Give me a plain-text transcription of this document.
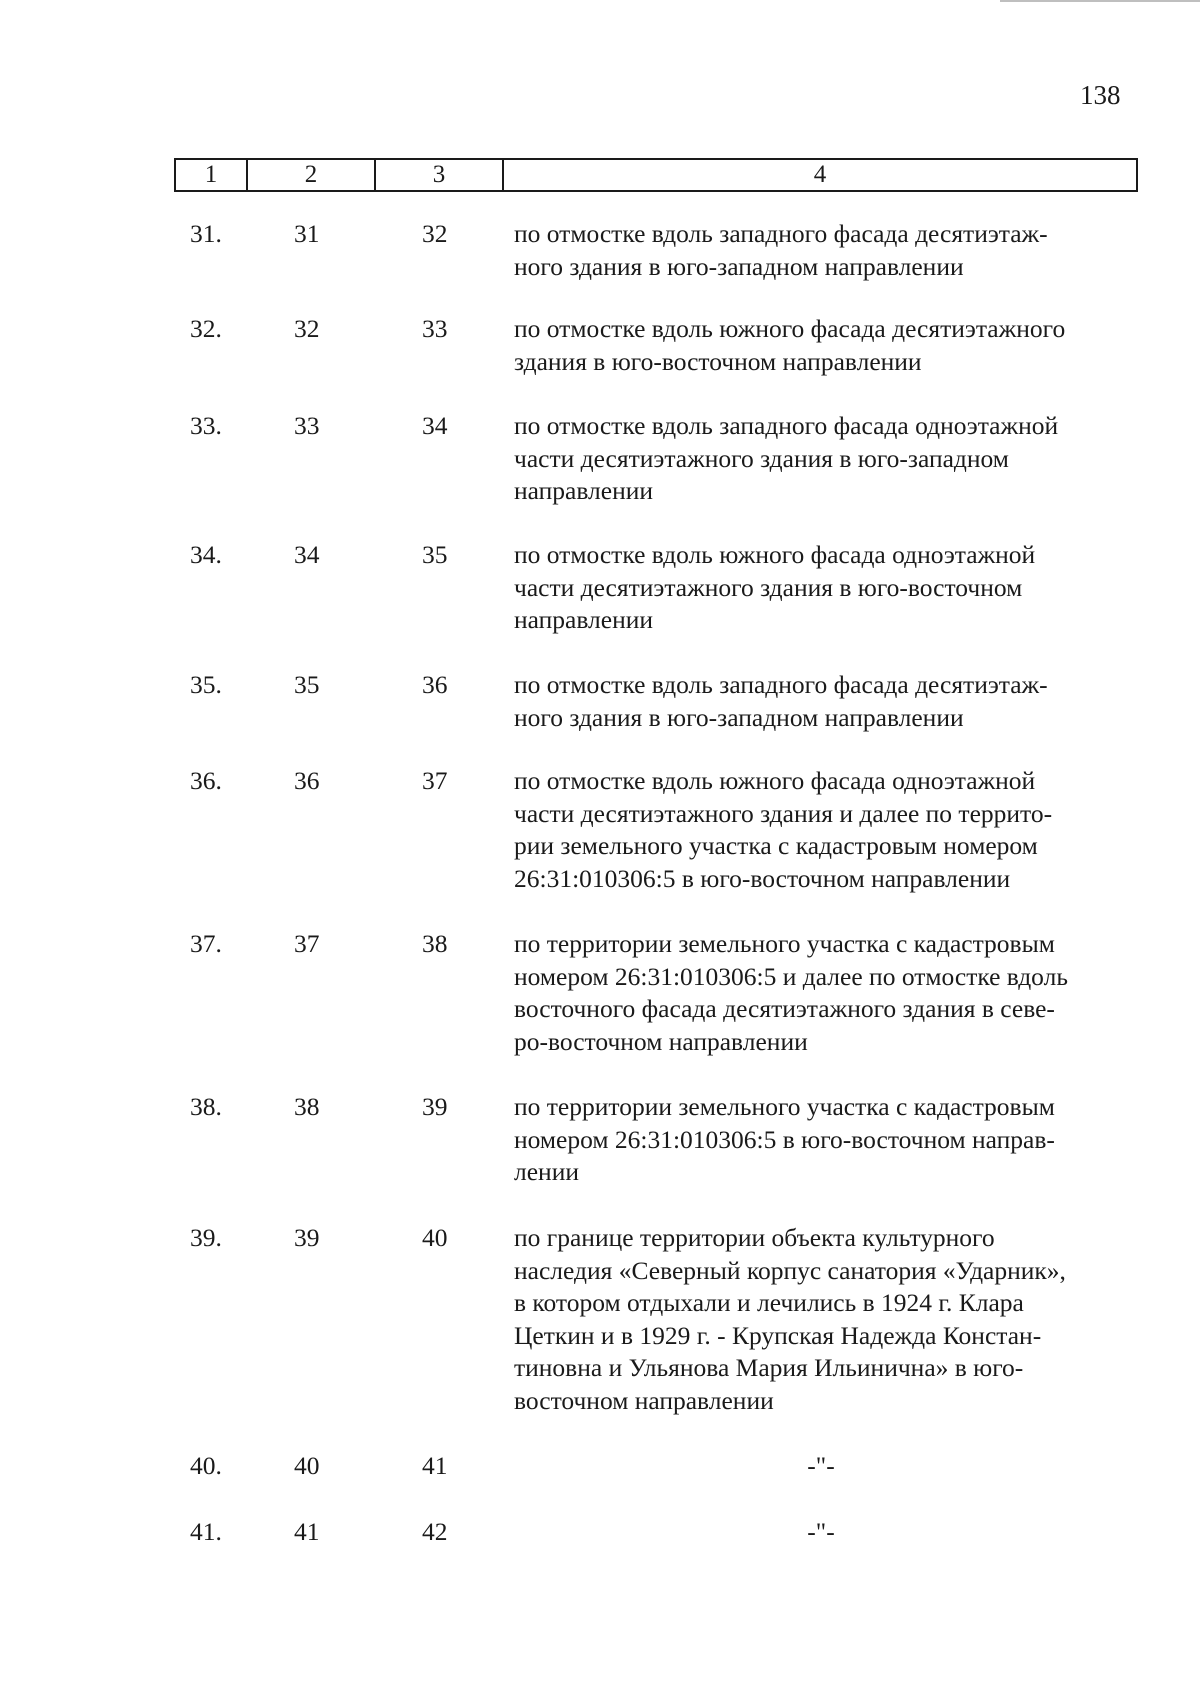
138
1	2	3	4
31.	31	32	по отмостке вдоль западного фасада десятиэтаж-
ного здания в юго-западном направлении
32.	32	33	по отмостке вдоль южного фасада десятиэтажного
здания в юго-восточном направлении
33.	33	34	по отмостке вдоль западного фасада одноэтажной
части десятиэтажного здания в юго-западном
направлении
34.	34	35	по отмостке вдоль южного фасада одноэтажной
части десятиэтажного здания в юго-восточном
направлении
35.	35	36	по отмостке вдоль западного фасада десятиэтаж-
ного здания в юго-западном направлении
36.	36	37	по отмостке вдоль южного фасада одноэтажной
части десятиэтажного здания и далее по террито-
рии земельного участка с кадастровым номером
26:31:010306:5 в юго-восточном направлении
37.	37	38	по территории земельного участка с кадастровым
номером 26:31:010306:5 и далее по отмостке вдоль
восточного фасада десятиэтажного здания в севе-
ро-восточном направлении
38.	38	39	по территории земельного участка с кадастровым
номером 26:31:010306:5 в юго-восточном направ-
лении
39.	39	40	по границе территории объекта культурного
наследия «Северный корпус санатория «Ударник»,
в котором отдыхали и лечились в 1924 г. Клара
Цеткин и в 1929 г. - Крупская Надежда Констан-
тиновна и Ульянова Мария Ильинична» в юго-
восточном направлении
40.	40	41	-"-
41.	41	42	-"-
